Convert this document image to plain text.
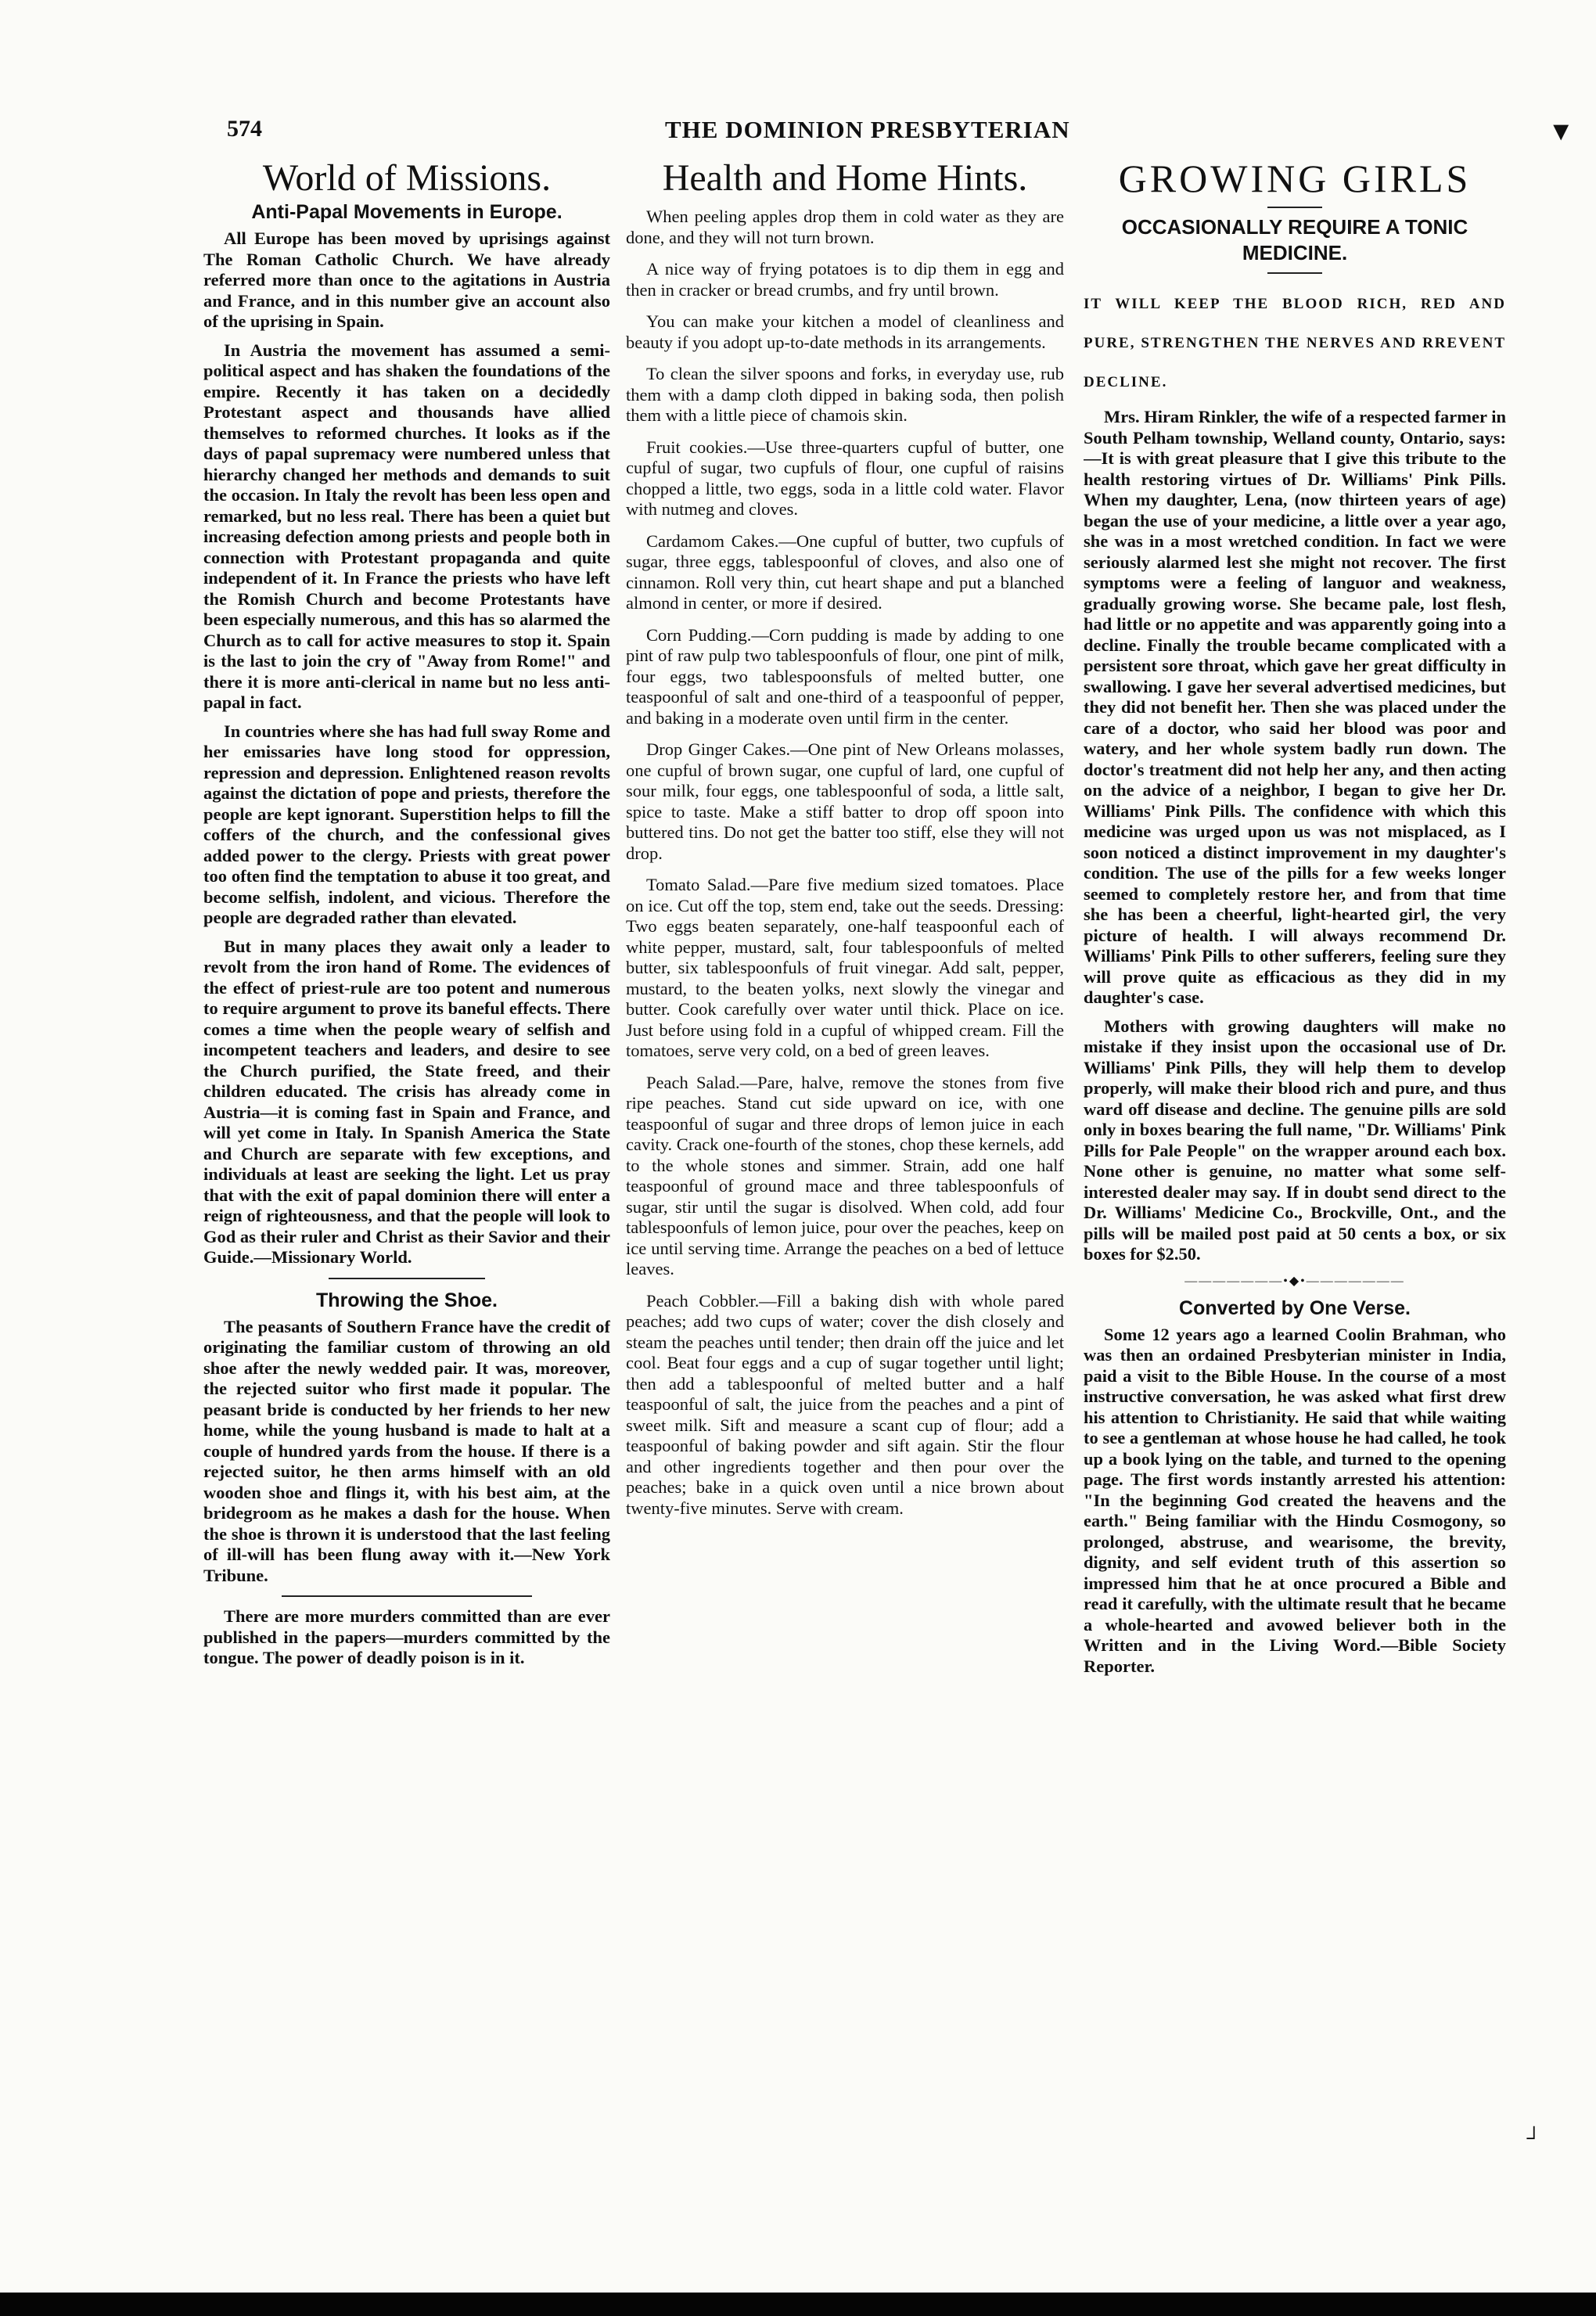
▼
┘
574	THE DOMINION PRESBYTERIAN
World of Missions.
Anti-Papal Movements in Europe.

All Europe has been moved by uprisings against The Roman Catholic Church. We have already referred more than once to the agitations in Austria and France, and in this number give an account also of the uprising in Spain.

In Austria the movement has assumed a semi-political aspect and has shaken the foundations of the empire. Recently it has taken on a decidedly Protestant aspect and thousands have allied themselves to reformed churches. It looks as if the days of papal supremacy were numbered unless that hierarchy changed her methods and demands to suit the occasion. In Italy the revolt has been less open and remarked, but no less real. There has been a quiet but increasing defection among priests and people both in connection with Protestant propaganda and quite independent of it. In France the priests who have left the Romish Church and become Protestants have been especially numerous, and this has so alarmed the Church as to call for active measures to stop it. Spain is the last to join the cry of "Away from Rome!" and there it is more anti-clerical in name but no less anti-papal in fact.

In countries where she has had full sway Rome and her emissaries have long stood for oppression, repression and depression. Enlightened reason revolts against the dictation of pope and priests, therefore the people are kept ignorant. Superstition helps to fill the coffers of the church, and the confessional gives added power to the clergy. Priests with great power too often find the temptation to abuse it too great, and become selfish, indolent, and vicious. Therefore the people are degraded rather than elevated.

But in many places they await only a leader to revolt from the iron hand of Rome. The evidences of the effect of priest-rule are too potent and numerous to require argument to prove its baneful effects. There comes a time when the people weary of selfish and incompetent teachers and leaders, and desire to see the Church purified, the State freed, and their children educated. The crisis has already come in Austria—it is coming fast in Spain and France, and will yet come in Italy. In Spanish America the State and Church are separate with few exceptions, and individuals at least are seeking the light. Let us pray that with the exit of papal dominion there will enter a reign of righteousness, and that the people will look to God as their ruler and Christ as their Savior and their Guide.—Missionary World.

Throwing the Shoe.

The peasants of Southern France have the credit of originating the familiar custom of throwing an old shoe after the newly wedded pair. It was, moreover, the rejected suitor who first made it popular. The peasant bride is conducted by her friends to her new home, while the young husband is made to halt at a couple of hundred yards from the house. If there is a rejected suitor, he then arms himself with an old wooden shoe and flings it, with his best aim, at the bridegroom as he makes a dash for the house. When the shoe is thrown it is understood that the last feeling of ill-will has been flung away with it.—New York Tribune.

There are more murders committed than are ever published in the papers—murders committed by the tongue. The power of deadly poison is in it.

Health and Home Hints.

When peeling apples drop them in cold water as they are done, and they will not turn brown.

A nice way of frying potatoes is to dip them in egg and then in cracker or bread crumbs, and fry until brown.

You can make your kitchen a model of cleanliness and beauty if you adopt up-to-date methods in its arrangements.

To clean the silver spoons and forks, in everyday use, rub them with a damp cloth dipped in baking soda, then polish them with a little piece of chamois skin.

Fruit cookies.—Use three-quarters cupful of butter, one cupful of sugar, two cupfuls of flour, one cupful of raisins chopped a little, two eggs, soda in a little cold water. Flavor with nutmeg and cloves.

Cardamom Cakes.—One cupful of butter, two cupfuls of sugar, three eggs, tablespoonful of cloves, and also one of cinnamon. Roll very thin, cut heart shape and put a blanched almond in center, or more if desired.

Corn Pudding.—Corn pudding is made by adding to one pint of raw pulp two tablespoonfuls of flour, one pint of milk, four eggs, two tablespoonsfuls of melted butter, one teaspoonful of salt and one-third of a teaspoonful of pepper, and baking in a moderate oven until firm in the center.

Drop Ginger Cakes.—One pint of New Orleans molasses, one cupful of brown sugar, one cupful of lard, one cupful of sour milk, four eggs, one tablespoonful of soda, a little salt, spice to taste. Make a stiff batter to drop off spoon into buttered tins. Do not get the batter too stiff, else they will not drop.

Tomato Salad.—Pare five medium sized tomatoes. Place on ice. Cut off the top, stem end, take out the seeds. Dressing: Two eggs beaten separately, one-half teaspoonful each of white pepper, mustard, salt, four tablespoonfuls of melted butter, six tablespoonfuls of fruit vinegar. Add salt, pepper, mustard, to the beaten yolks, next slowly the vinegar and butter. Cook carefully over water until thick. Place on ice. Just before using fold in a cupful of whipped cream. Fill the tomatoes, serve very cold, on a bed of green leaves.

Peach Salad.—Pare, halve, remove the stones from five ripe peaches. Stand cut side upward on ice, with one teaspoonful of sugar and three drops of lemon juice in each cavity. Crack one-fourth of the stones, chop these kernels, add to the whole stones and simmer. Strain, add one half teaspoonful of ground mace and three tablespoonfuls of sugar, stir until the sugar is disolved. When cold, add four tablespoonfuls of lemon juice, pour over the peaches, keep on ice until serving time. Arrange the peaches on a bed of lettuce leaves.

Peach Cobbler.—Fill a baking dish with whole pared peaches; add two cups of water; cover the dish closely and steam the peaches until tender; then drain off the juice and let cool. Beat four eggs and a cup of sugar together until light; then add a tablespoonful of melted butter and a half teaspoonful of salt, the juice from the peaches and a pint of sweet milk. Sift and measure a scant cup of flour; add a teaspoonful of baking powder and sift again. Stir the flour and other ingredients together and then pour over the peaches; bake in a quick oven until a nice brown about twenty-five minutes. Serve with cream.

GROWING GIRLS
OCCASIONALLY REQUIRE A TONIC MEDICINE.
IT WILL KEEP THE BLOOD RICH, RED AND PURE, STRENGTHEN THE NERVES AND RREVENT DECLINE.

Mrs. Hiram Rinkler, the wife of a respected farmer in South Pelham township, Welland county, Ontario, says:—It is with great pleasure that I give this tribute to the health restoring virtues of Dr. Williams' Pink Pills. When my daughter, Lena, (now thirteen years of age) began the use of your medicine, a little over a year ago, she was in a most wretched condition. In fact we were seriously alarmed lest she might not recover. The first symptoms were a feeling of languor and weakness, gradually growing worse. She became pale, lost flesh, had little or no appetite and was apparently going into a decline. Finally the trouble became complicated with a persistent sore throat, which gave her great difficulty in swallowing. I gave her several advertised medicines, but they did not benefit her. Then she was placed under the care of a doctor, who said her blood was poor and watery, and her whole system badly run down. The doctor's treatment did not help her any, and then acting on the advice of a neighbor, I began to give her Dr. Williams' Pink Pills. The confidence with which this medicine was urged upon us was not misplaced, as I soon noticed a distinct improvement in my daughter's condition. The use of the pills for a few weeks longer seemed to completely restore her, and from that time she has been a cheerful, light-hearted girl, the very picture of health. I will always recommend Dr. Williams' Pink Pills to other sufferers, feeling sure they will prove quite as efficacious as they did in my daughter's case.

Mothers with growing daughters will make no mistake if they insist upon the occasional use of Dr. Williams' Pink Pills, they will help them to develop properly, will make their blood rich and pure, and thus ward off disease and decline. The genuine pills are sold only in boxes bearing the full name, "Dr. Williams' Pink Pills for Pale People" on the wrapper around each box. None other is genuine, no matter what some self-interested dealer may say. If in doubt send direct to the Dr. Williams' Medicine Co., Brockville, Ont., and the pills will be mailed post paid at 50 cents a box, or six boxes for $2.50.

———————•◆•———————
Converted by One Verse.

Some 12 years ago a learned Coolin Brahman, who was then an ordained Presbyterian minister in India, paid a visit to the Bible House. In the course of a most instructive conversation, he was asked what first drew his attention to Christianity. He said that while waiting to see a gentleman at whose house he had called, he took up a book lying on the table, and turned to the opening page. The first words instantly arrested his attention: "In the beginning God created the heavens and the earth." Being familiar with the Hindu Cosmogony, so prolonged, abstruse, and wearisome, the brevity, dignity, and self evident truth of this assertion so impressed him that he at once procured a Bible and read it carefully, with the ultimate result that he became a whole-hearted and avowed believer both in the Written and in the Living Word.—Bible Society Reporter.
